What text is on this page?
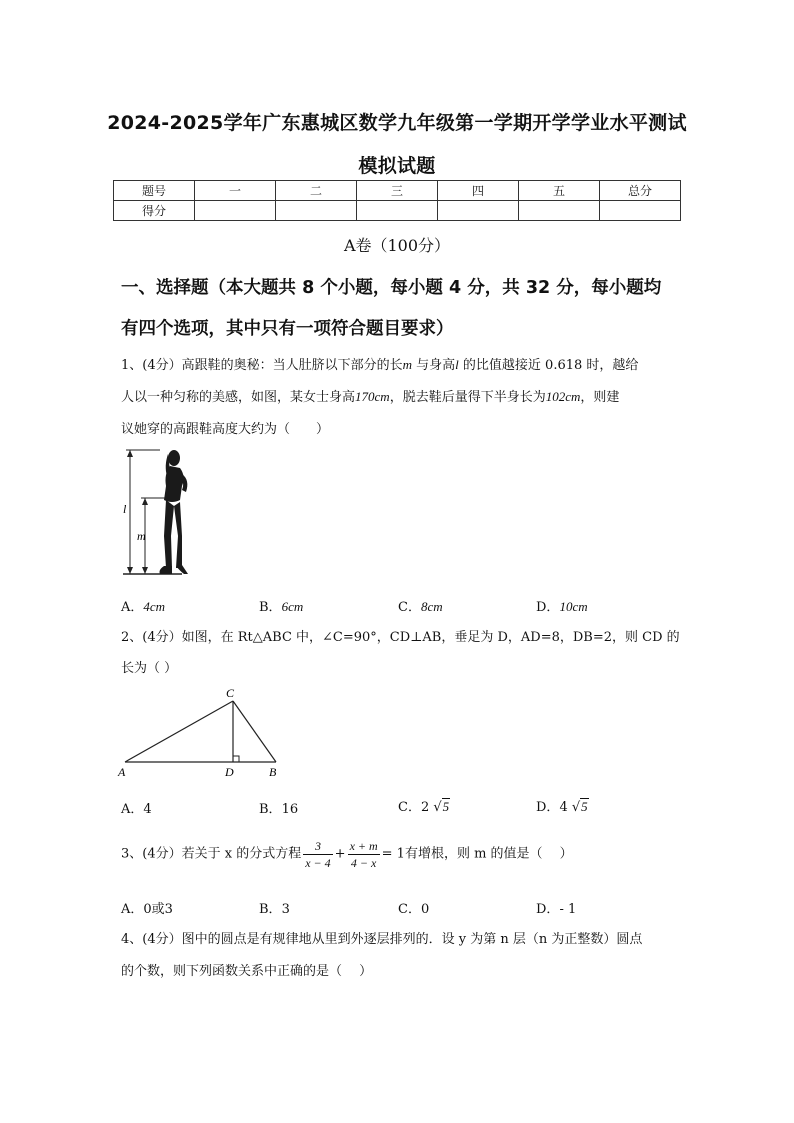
2024-2025学年广东惠城区数学九年级第一学期开学学业水平测试
模拟试题
题号	一	二	三	四	五	总分
得分						
A卷（100分）
一、选择题（本大题共 8 个小题，每小题 4 分，共 32 分，每小题均
有四个选项，其中只有一项符合题目要求）
1、(4分）高跟鞋的奥秘：当人肚脐以下部分的长m 与身高l 的比值越接近 0.618 时，越给
人以一种匀称的美感，如图，某女士身高170cm，脱去鞋后量得下半身长为102cm，则建
议她穿的高跟鞋高度大约为（　　）
l
m
A．4cm	B．6cm	C．8cm	D．10cm
2、(4分）如图，在 Rt△ABC 中，∠C=90°，CD⊥AB，垂足为 D，AD=8，DB=2，则 CD 的
长为（ ）
C
A	D	B
A．4	B．16	C．2 √5	D．4 √5
3、(4分）若关于 x 的分式方程 $\frac{3}{x - 4} + \frac{x + m}{4 - x} = 1$有增根，则 m 的值是（　 ）
A．0或3	B．3	C．0	D．- 1
4、(4分）图中的圆点是有规律地从里到外逐层排列的．设 y 为第 n 层（n 为正整数）圆点
的个数，则下列函数关系中正确的是（　 ）
